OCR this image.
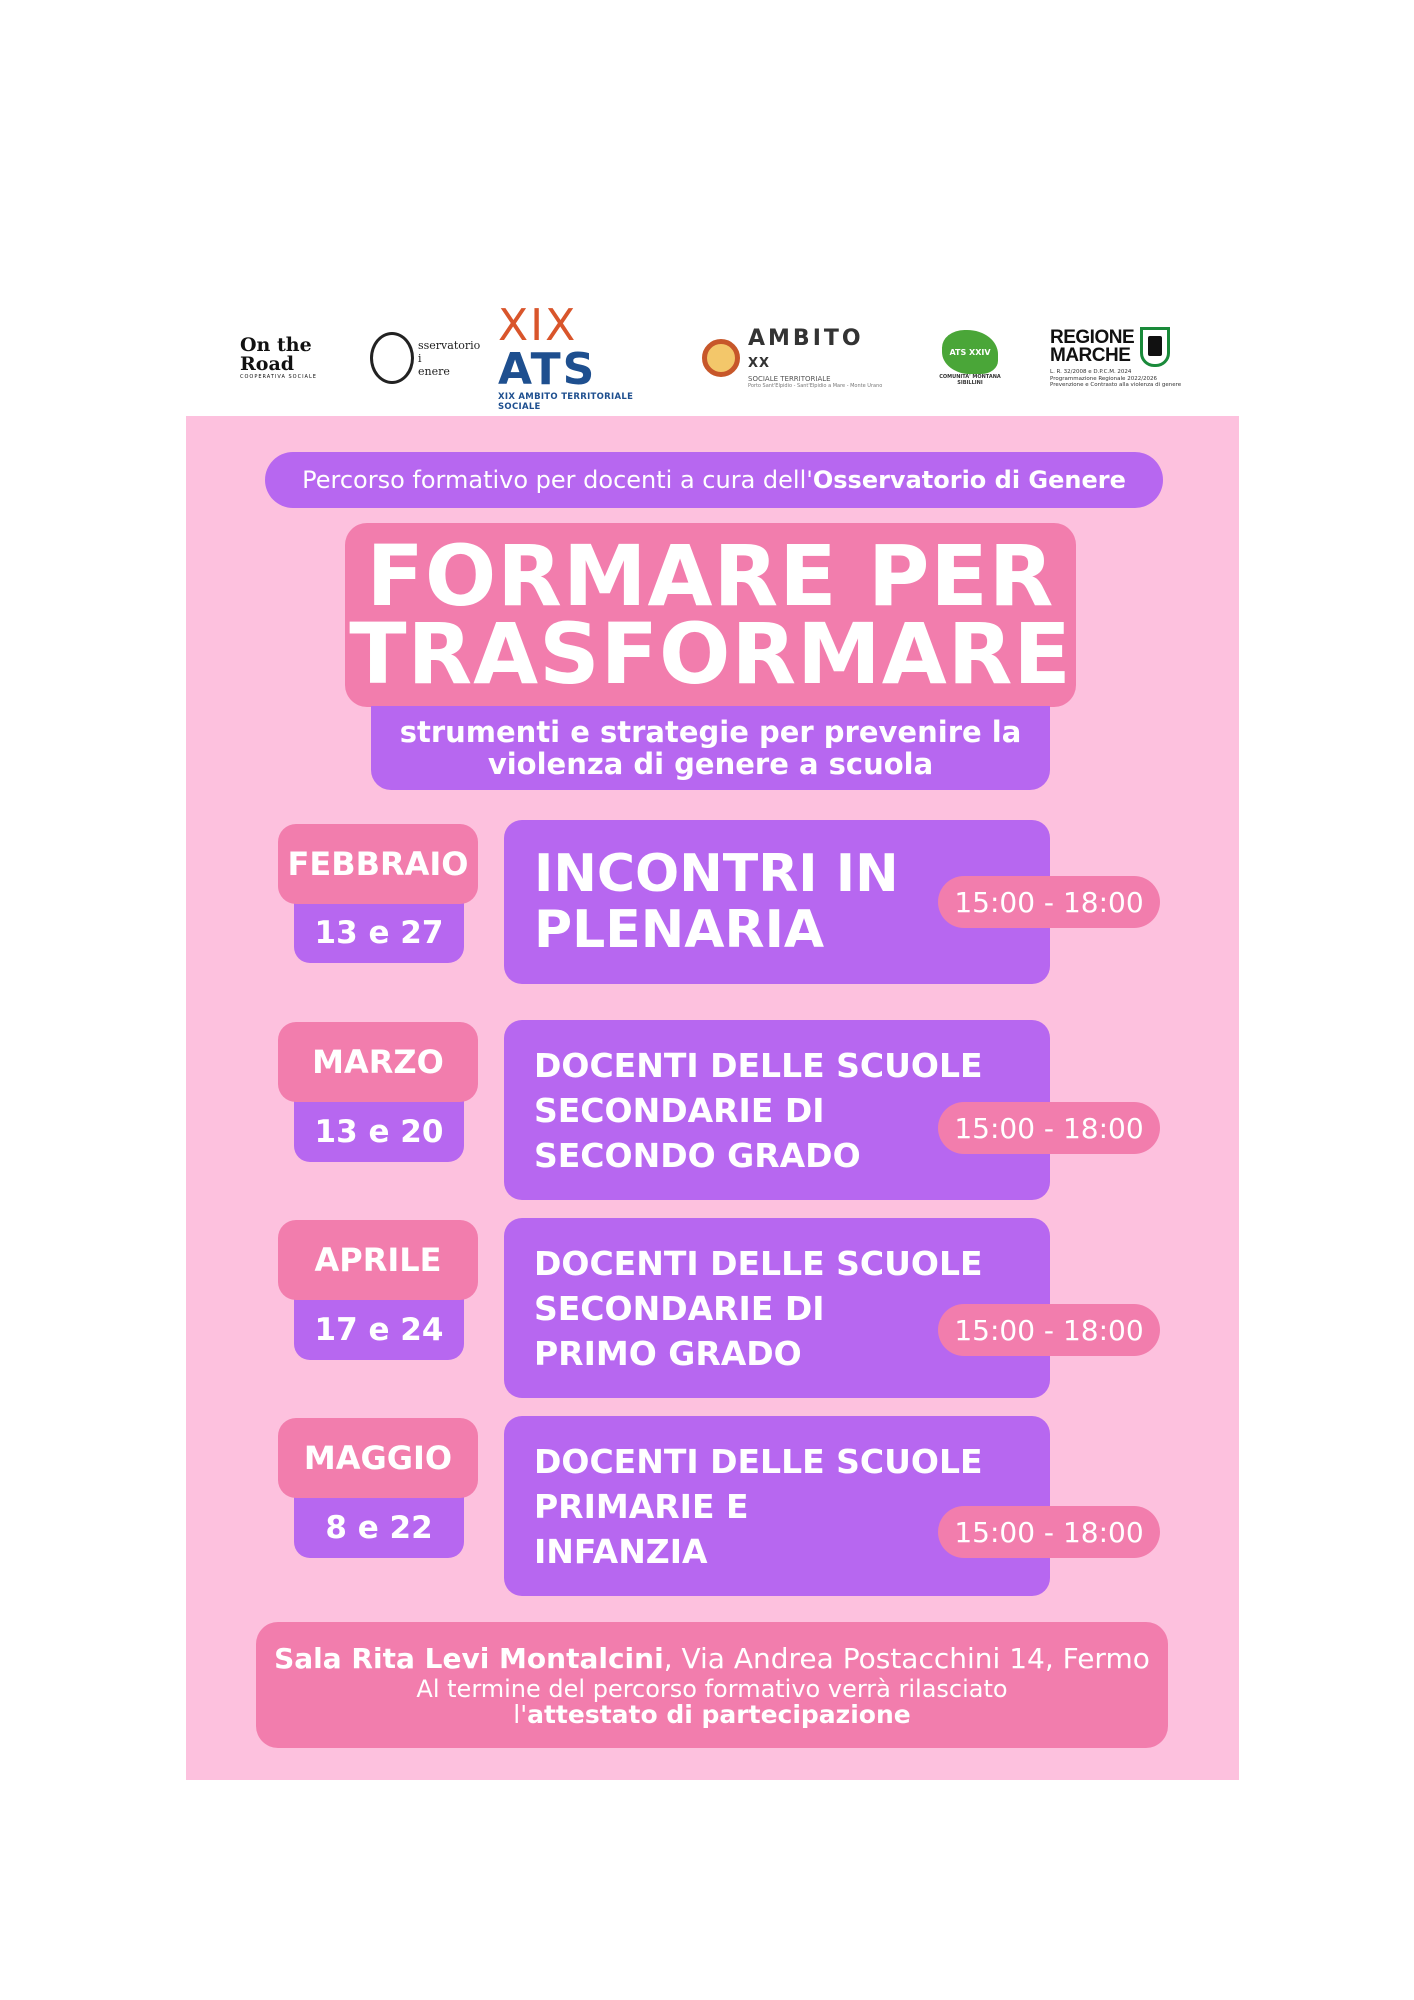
On the
Road
COOPERATIVA SOCIALE
sservatorio
i
enere
XIX ATS
XIX AMBITO TERRITORIALE SOCIALE
AMBITO XX
SOCIALE TERRITORIALE
Porto Sant'Elpidio - Sant'Elpidio a Mare - Monte Urano
ATS XXIV
COMUNITA' MONTANA SIBILLINI
REGIONE
MARCHE
L. R. 32/2008 e D.P.C.M. 2024
Programmazione Regionale 2022/2026
Prevenzione e Contrasto alla violenza di genere
Percorso formativo per docenti a cura dell' Osservatorio di Genere
FORMARE PER
TRASFORMARE
strumenti e strategie per prevenire la
violenza di genere a scuola
FEBBRAIO
13 e 27
INCONTRI IN
PLENARIA	15:00 - 18:00
MARZO
13 e 20
DOCENTI DELLE SCUOLE
SECONDARIE DI
SECONDO GRADO
15:00 - 18:00
APRILE
17 e 24
DOCENTI DELLE SCUOLE
SECONDARIE DI
PRIMO GRADO
15:00 - 18:00
MAGGIO
8 e 22
DOCENTI DELLE SCUOLE
PRIMARIE E
INFANZIA	15:00 - 18:00
Sala Rita Levi Montalcini, Via Andrea Postacchini 14, Fermo
Al termine del percorso formativo verrà rilasciato
l'attestato di partecipazione
